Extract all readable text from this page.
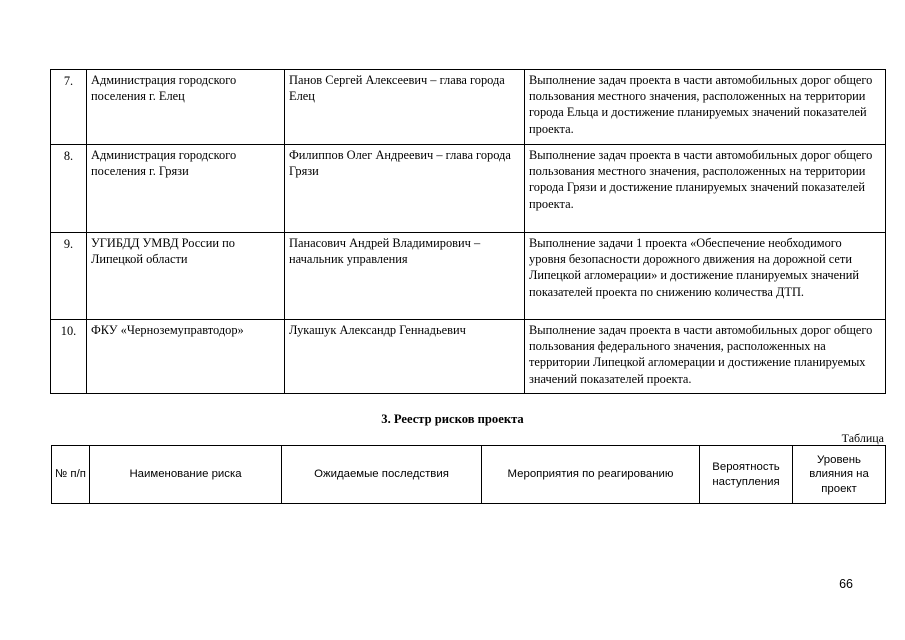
7.	Администрация городского поселения г. Елец	Панов Сергей Алексеевич – глава города Елец	Выполнение задач проекта в части автомобильных дорог общего пользования местного значения, расположенных на территории города Ельца и достижение планируемых значений показателей проекта.
8.	Администрация городского поселения г. Грязи	Филиппов Олег Андреевич – глава города Грязи	Выполнение задач проекта в части автомобильных дорог общего пользования местного значения, расположенных на территории города Грязи и достижение планируемых значений показателей проекта.
9.	УГИБДД УМВД России по Липецкой области	Панасович Андрей Владимирович – начальник управления	Выполнение задачи 1 проекта «Обеспечение необходимого уровня безопасности дорожного движения на дорожной сети Липецкой агломерации» и достижение планируемых значений показателей проекта по снижению количества ДТП.
10.	ФКУ «Черноземуправтодор»	Лукашук Александр Геннадьевич	Выполнение задач проекта в части автомобильных дорог общего пользования федерального значения, расположенных на территории Липецкой агломерации и достижение планируемых значений показателей проекта.
3. Реестр рисков проекта
Таблица
№ п/п	Наименование риска	Ожидаемые последствия	Мероприятия по реагированию	Вероятность наступления	Уровень влияния на проект
66
